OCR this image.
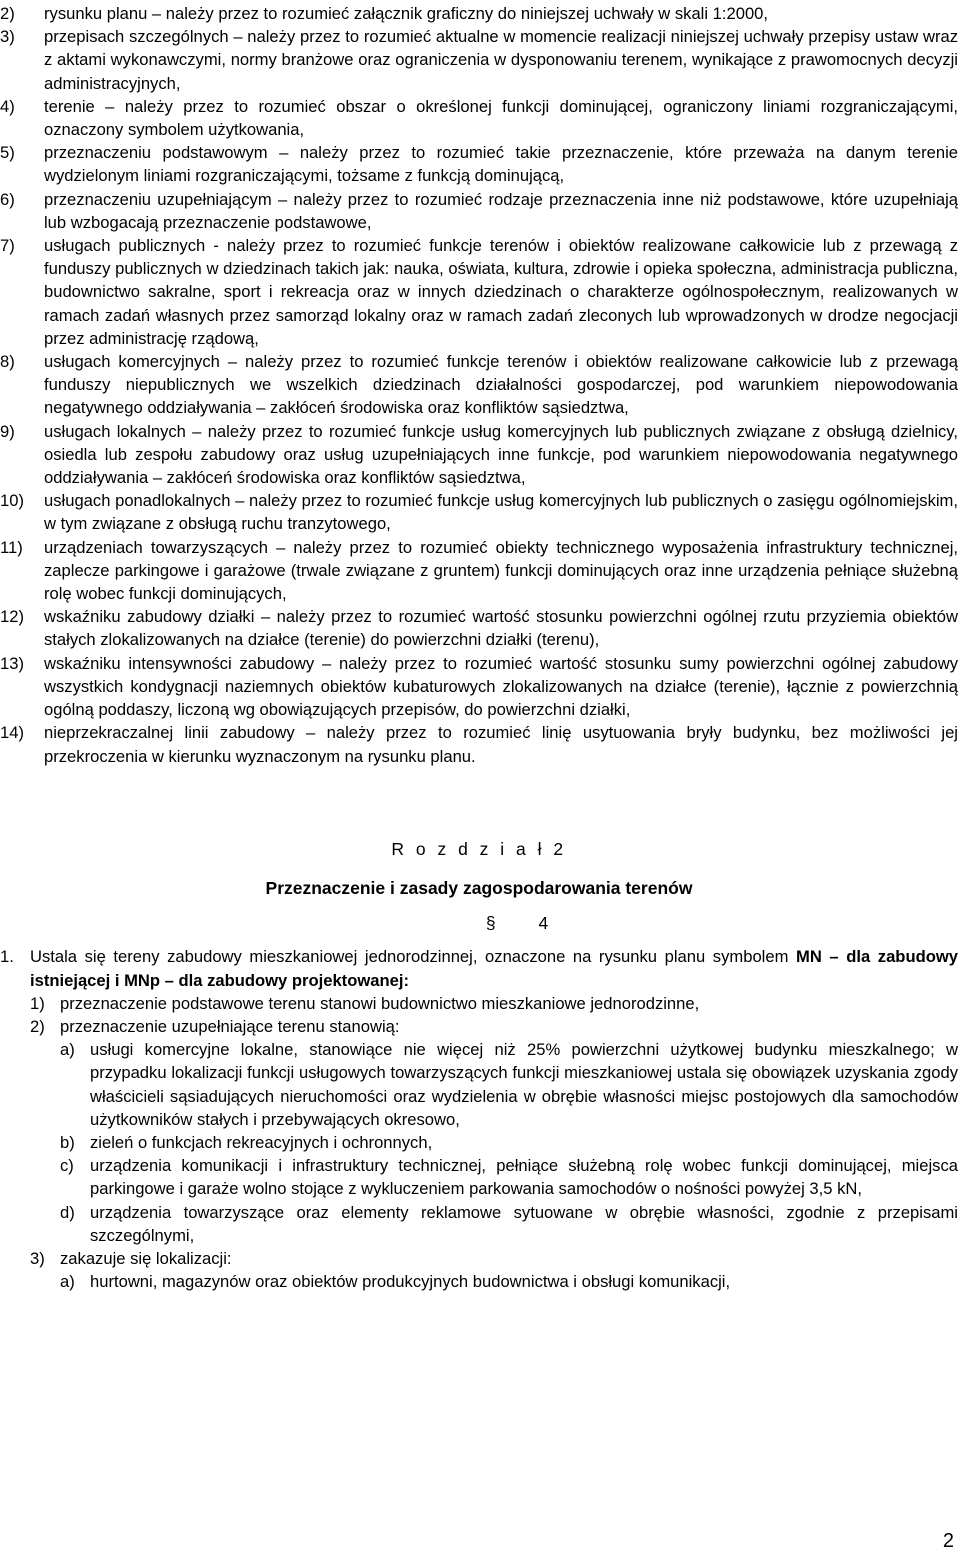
2) rysunku planu – należy przez to rozumieć załącznik graficzny do niniejszej uchwały w skali 1:2000,

3) przepisach szczególnych – należy przez to rozumieć aktualne w momencie realizacji niniejszej uchwały przepisy ustaw wraz z aktami wykonawczymi, normy branżowe oraz ograniczenia w dysponowaniu terenem, wynikające z prawomocnych decyzji administracyjnych,

4) terenie – należy przez to rozumieć obszar o określonej funkcji dominującej, ograniczony liniami rozgraniczającymi, oznaczony symbolem użytkowania,

5) przeznaczeniu podstawowym – należy przez to rozumieć takie przeznaczenie, które przeważa na danym terenie wydzielonym liniami rozgraniczającymi, tożsame z funkcją dominującą,

6) przeznaczeniu uzupełniającym – należy przez to rozumieć rodzaje przeznaczenia inne niż podstawowe, które uzupełniają lub wzbogacają przeznaczenie podstawowe,

7) usługach publicznych - należy przez to rozumieć funkcje terenów i obiektów realizowane całkowicie lub z przewagą z funduszy publicznych w dziedzinach takich jak: nauka, oświata, kultura, zdrowie i opieka społeczna, administracja publiczna, budownictwo sakralne, sport i rekreacja oraz w innych dziedzinach o charakterze ogólnospołecznym, realizowanych w ramach zadań własnych przez samorząd lokalny oraz w ramach zadań zleconych lub wprowadzonych w drodze negocjacji przez administrację rządową,

8) usługach komercyjnych – należy przez to rozumieć funkcje terenów i obiektów realizowane całkowicie lub z przewagą funduszy niepublicznych we wszelkich dziedzinach działalności gospodarczej, pod warunkiem niepowodowania negatywnego oddziaływania – zakłóceń środowiska oraz konfliktów sąsiedztwa,

9) usługach lokalnych – należy przez to rozumieć funkcje usług komercyjnych lub publicznych związane z obsługą dzielnicy, osiedla lub zespołu zabudowy oraz usług uzupełniających inne funkcje, pod warunkiem niepowodowania negatywnego oddziaływania – zakłóceń środowiska oraz konfliktów sąsiedztwa,

10) usługach ponadlokalnych – należy przez to rozumieć funkcje usług komercyjnych lub publicznych o zasięgu ogólnomiejskim, w tym związane z obsługą ruchu tranzytowego,

11) urządzeniach towarzyszących – należy przez to rozumieć obiekty technicznego wyposażenia infrastruktury technicznej, zaplecze parkingowe i garażowe (trwale związane z gruntem) funkcji dominujących oraz inne urządzenia pełniące służebną rolę wobec funkcji dominujących,

12) wskaźniku zabudowy działki – należy przez to rozumieć wartość stosunku powierzchni ogólnej rzutu przyziemia obiektów stałych zlokalizowanych na działce (terenie) do powierzchni działki (terenu),

13) wskaźniku intensywności zabudowy – należy przez to rozumieć wartość stosunku sumy powierzchni ogólnej zabudowy wszystkich kondygnacji naziemnych obiektów kubaturowych zlokalizowanych na działce (terenie), łącznie z powierzchnią ogólną poddaszy, liczoną wg obowiązujących przepisów, do powierzchni działki,

14) nieprzekraczalnej linii zabudowy – należy przez to rozumieć linię usytuowania bryły budynku, bez możliwości jej przekroczenia w kierunku wyznaczonym na rysunku planu.

R o z d z i a ł 2
Przeznaczenie i zasady zagospodarowania terenów
§ 4
1. Ustala się tereny zabudowy mieszkaniowej jednorodzinnej, oznaczone na rysunku planu symbolem MN – dla zabudowy istniejącej i MNp – dla zabudowy projektowanej:
1) przeznaczenie podstawowe terenu stanowi budownictwo mieszkaniowe jednorodzinne,
2) przeznaczenie uzupełniające terenu stanowią:
a) usługi komercyjne lokalne, stanowiące nie więcej niż 25% powierzchni użytkowej budynku mieszkalnego; w przypadku lokalizacji funkcji usługowych towarzyszących funkcji mieszkaniowej ustala się obowiązek uzyskania zgody właścicieli sąsiadujących nieruchomości oraz wydzielenia w obrębie własności miejsc postojowych dla samochodów użytkowników stałych i przebywających okresowo,
b) zieleń o funkcjach rekreacyjnych i ochronnych,
c) urządzenia komunikacji i infrastruktury technicznej, pełniące służebną rolę wobec funkcji dominującej, miejsca parkingowe i garaże wolno stojące z wykluczeniem parkowania samochodów o nośności powyżej 3,5 kN,
d) urządzenia towarzyszące oraz elementy reklamowe sytuowane w obrębie własności, zgodnie z przepisami szczególnymi,
3) zakazuje się lokalizacji:
a) hurtowni, magazynów oraz obiektów produkcyjnych budownictwa i obsługi komunikacji,
2
